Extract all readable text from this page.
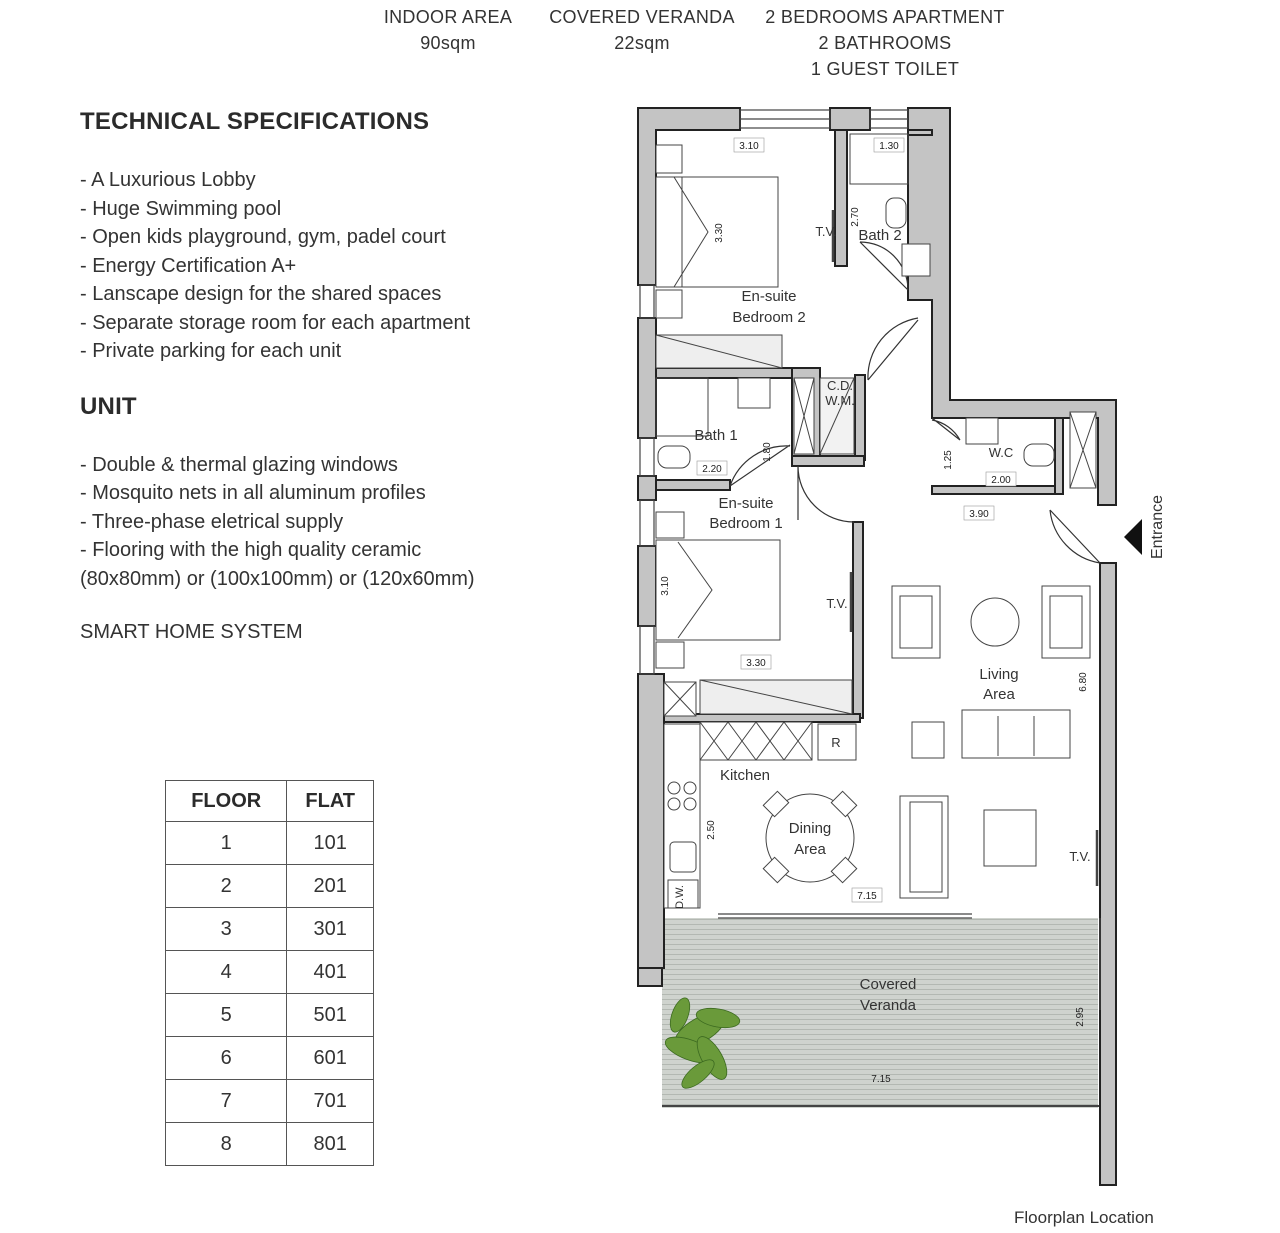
INDOOR AREA
90sqm
COVERED VERANDA
22sqm
2 BEDROOMS APARTMENT
2 BATHROOMS
1 GUEST TOILET
TECHNICAL SPECIFICATIONS
- A Luxurious Lobby
- Huge Swimming pool
- Open kids playground, gym, padel court
- Energy Certification A+
- Lanscape design for the shared spaces
- Separate storage room for each apartment
- Private parking for each unit
UNIT
- Double & thermal glazing windows
- Mosquito nets in all aluminum profiles
- Three-phase eletrical supply
- Flooring with the high quality ceramic
(80x80mm) or (100x100mm) or (120x60mm)
SMART HOME SYSTEM
FLOOR	FLAT
1	101
2	201
3	301
4	401
5	501
6	601
7	701
8	801
En-suite
Bedroom 2
Bath 2
T.V.
Bath 1
C.D.
W.M.
En-suite
Bedroom 1
T.V.
W.C
Living
Area
Kitchen
R
Dining
Area	T.V.
Covered
Veranda
D.W.
Entrance
3.10	1.30
3.30
2.70
2.20
1.80	1.25
2.00
3.90
3.10
3.30
6.80
2.50
7.15
2.95
7.15
Floorplan Location
